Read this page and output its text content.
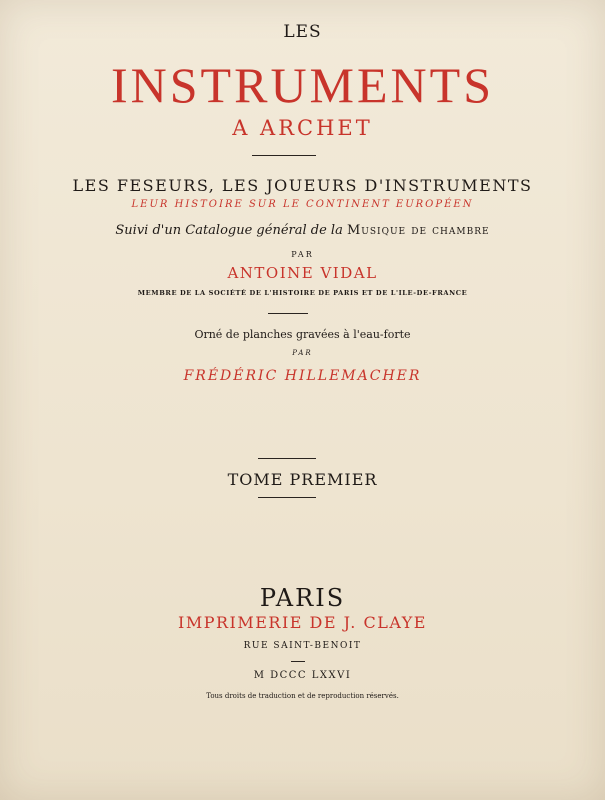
LES
INSTRUMENTS
A ARCHET
LES FESEURS, LES JOUEURS D'INSTRUMENTS
LEUR HISTOIRE SUR LE CONTINENT EUROPÉEN
Suivi d'un Catalogue général de la Musique de chambre
PAR
ANTOINE VIDAL
MEMBRE DE LA SOCIÉTÉ DE L'HISTOIRE DE PARIS ET DE L'ILE-DE-FRANCE
Orné de planches gravées à l'eau-forte
PAR
FRÉDÉRIC HILLEMACHER
TOME PREMIER
PARIS
IMPRIMERIE DE J. CLAYE
RUE SAINT-BENOIT
M DCCC LXXVI
Tous droits de traduction et de reproduction réservés.
